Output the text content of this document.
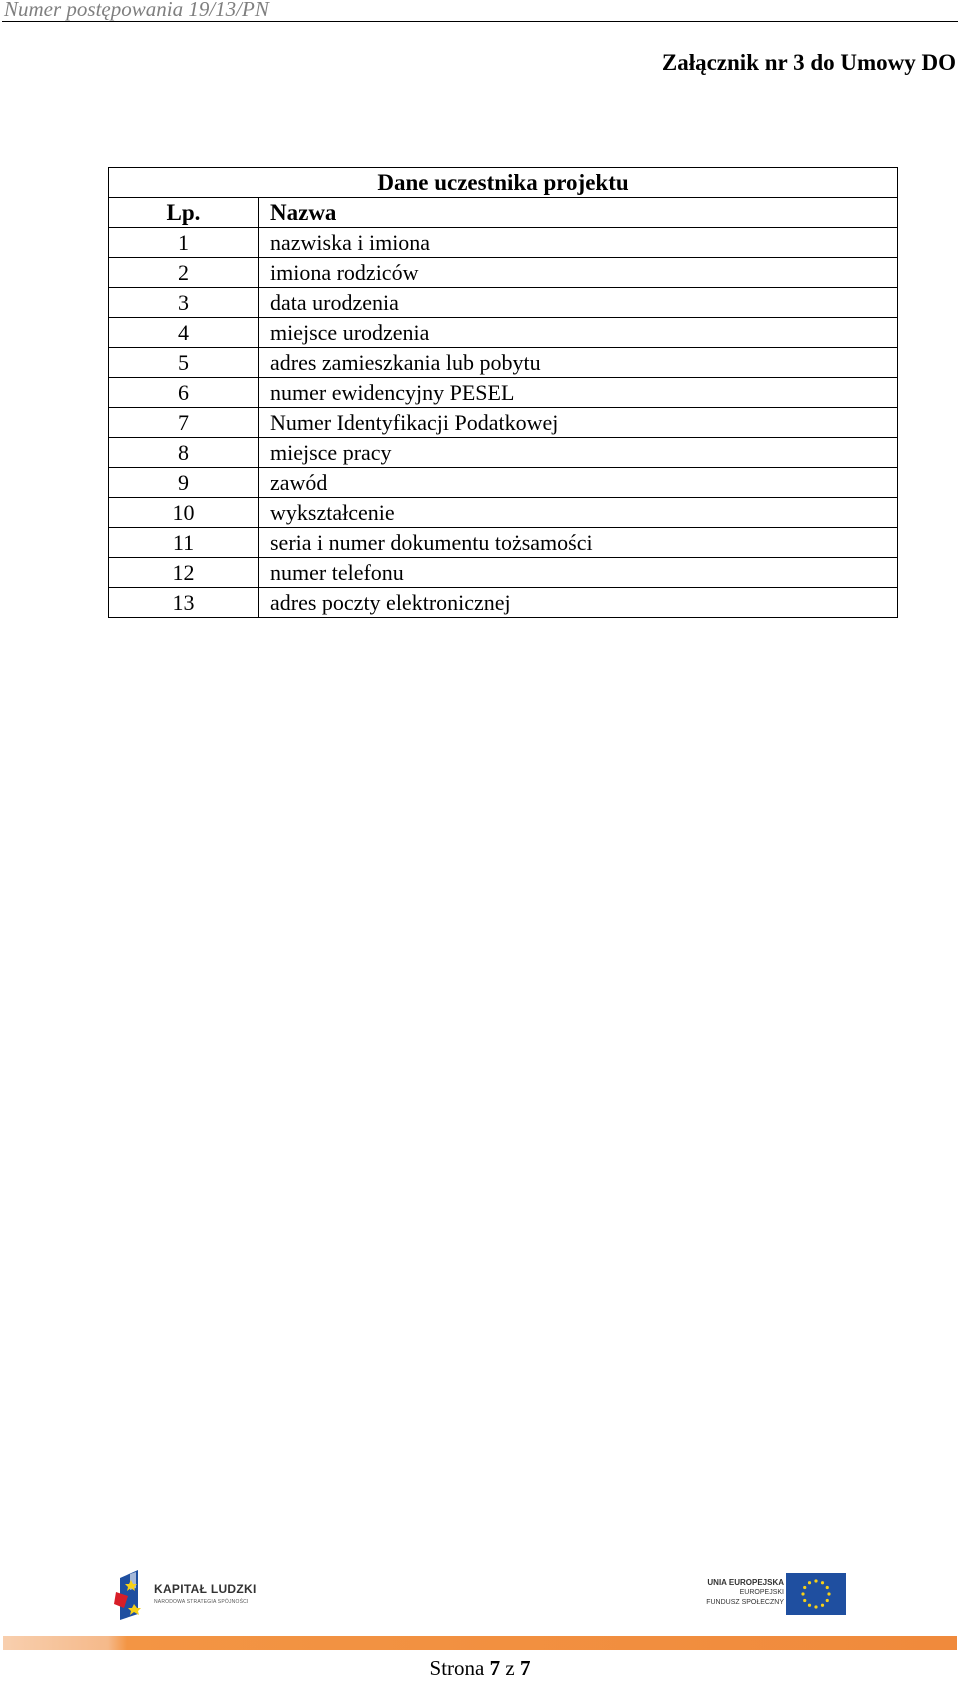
Numer postępowania 19/13/PN
Załącznik nr 3 do Umowy DO
Dane uczestnika projektu	
Lp.	Nazwa
1	nazwiska i imiona
2	imiona rodziców
3	data urodzenia
4	miejsce urodzenia
5	adres zamieszkania lub pobytu
6	numer ewidencyjny PESEL
7	Numer Identyfikacji Podatkowej
8	miejsce pracy
9	zawód
10	wykształcenie
11	seria i numer dokumentu tożsamości
12	numer telefonu
13	adres poczty elektronicznej
KAPITAŁ LUDZKI
NARODOWA STRATEGIA SPÓJNOŚCI
UNIA EUROPEJSKA
EUROPEJSKI
FUNDUSZ SPOŁECZNY
Strona 7 z 7
